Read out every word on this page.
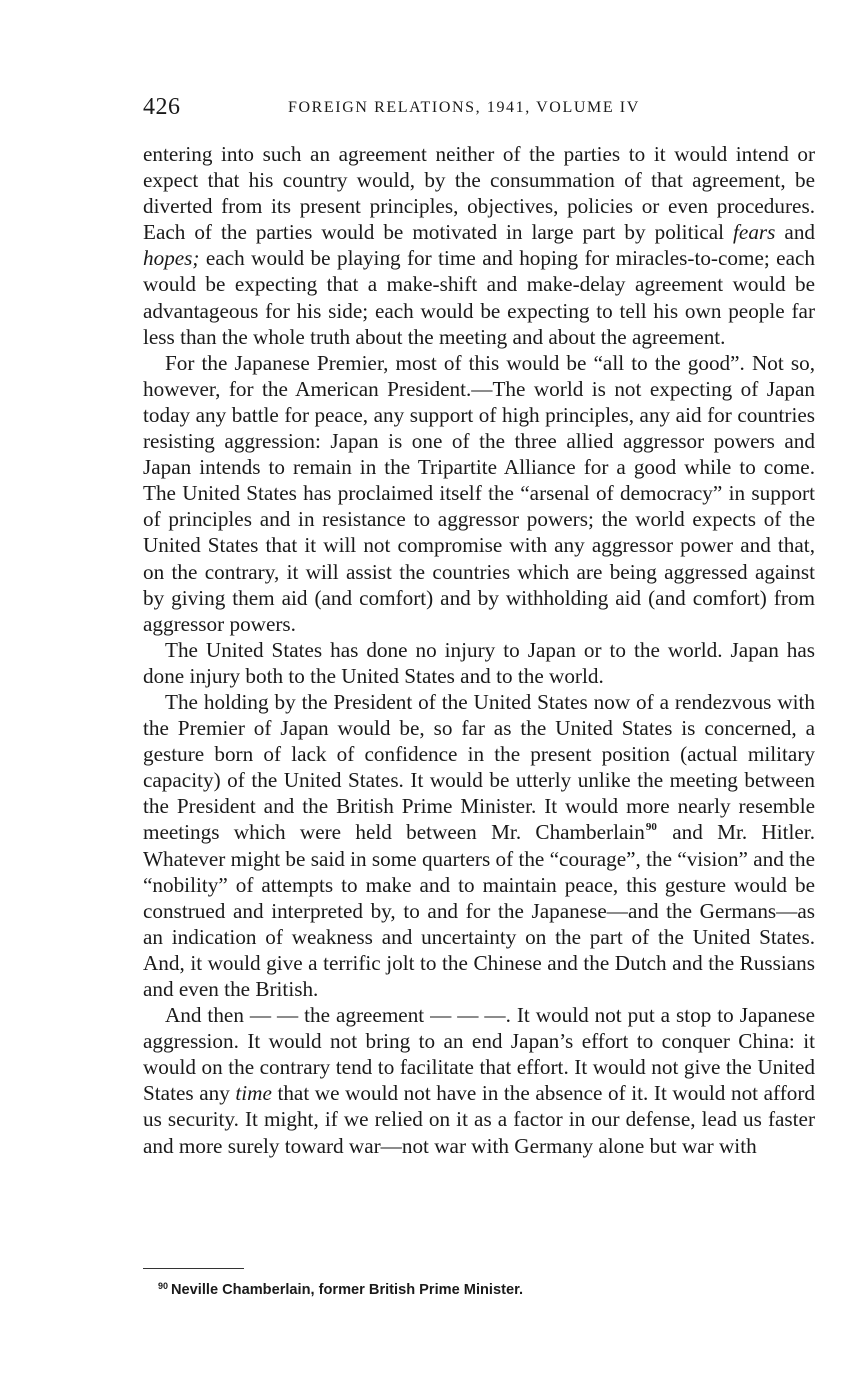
426	FOREIGN RELATIONS, 1941, VOLUME IV

entering into such an agreement neither of the parties to it would intend or expect that his country would, by the consummation of that agreement, be diverted from its present principles, objectives, policies or even procedures. Each of the parties would be motivated in large part by political fears and hopes; each would be playing for time and hoping for miracles-to-come; each would be expecting that a make-shift and make-delay agreement would be advantageous for his side; each would be expecting to tell his own people far less than the whole truth about the meeting and about the agreement.

For the Japanese Premier, most of this would be “all to the good”. Not so, however, for the American President.—The world is not expecting of Japan today any battle for peace, any support of high principles, any aid for countries resisting aggression: Japan is one of the three allied aggressor powers and Japan intends to remain in the Tripartite Alliance for a good while to come. The United States has proclaimed itself the “arsenal of democracy” in support of principles and in resistance to aggressor powers; the world expects of the United States that it will not compromise with any aggressor power and that, on the contrary, it will assist the countries which are being aggressed against by giving them aid (and comfort) and by withholding aid (and comfort) from aggressor powers.

The United States has done no injury to Japan or to the world. Japan has done injury both to the United States and to the world.

The holding by the President of the United States now of a rendezvous with the Premier of Japan would be, so far as the United States is concerned, a gesture born of lack of confidence in the present position (actual military capacity) of the United States. It would be utterly unlike the meeting between the President and the British Prime Minister. It would more nearly resemble meetings which were held between Mr. Chamberlain$^{90}$ and Mr. Hitler. Whatever might be said in some quarters of the “courage”, the “vision” and the “nobility” of attempts to make and to maintain peace, this gesture would be construed and interpreted by, to and for the Japanese—and the Germans—as an indication of weakness and uncertainty on the part of the United States. And, it would give a terrific jolt to the Chinese and the Dutch and the Russians and even the British.

And then — — the agreement — — —. It would not put a stop to Japanese aggression. It would not bring to an end Japan’s effort to conquer China: it would on the contrary tend to facilitate that effort. It would not give the United States any time that we would not have in the absence of it. It would not afford us security. It might, if we relied on it as a factor in our defense, lead us faster and more surely toward war—not war with Germany alone but war with

$^{90}$ Neville Chamberlain, former British Prime Minister.
